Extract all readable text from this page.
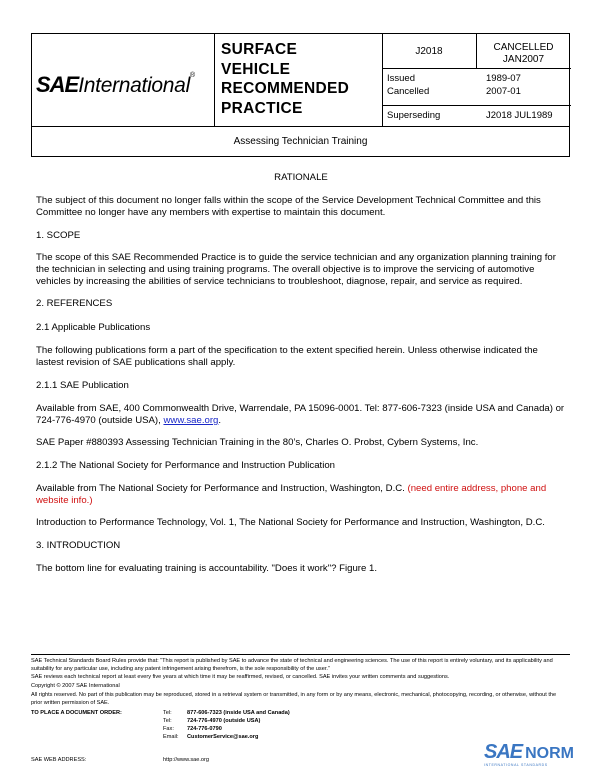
SAEInternational®
SURFACE
VEHICLE
RECOMMENDED
PRACTICE
J2018	CANCELLED
JAN2007
Issued	1989-07
Cancelled	2007-01
Superseding	J2018 JUL1989
Assessing Technician Training
RATIONALE
The subject of this document no longer falls within the scope of the Service Development Technical Committee and this Committee no longer have any members with expertise to maintain this document.
1. SCOPE
The scope of this SAE Recommended Practice is to guide the service technician and any organization planning training for the technician in selecting and using training programs. The overall objective is to improve the servicing of automotive vehicles by increasing the abilities of service technicians to troubleshoot, diagnose, repair, and service as required.
2. REFERENCES
2.1 Applicable Publications
The following publications form a part of the specification to the extent specified herein. Unless otherwise indicated the lastest revision of SAE publications shall apply.
2.1.1 SAE Publication
Available from SAE, 400 Commonwealth Drive, Warrendale, PA 15096-0001. Tel: 877-606-7323 (inside USA and Canada) or 724-776-4970 (outside USA), www.sae.org.
SAE Paper #880393 Assessing Technician Training in the 80’s, Charles O. Probst, Cybern Systems, Inc.
2.1.2 The National Society for Performance and Instruction Publication
Available from The National Society for Performance and Instruction, Washington, D.C. (need entire address, phone and website info.)
Introduction to Performance Technology, Vol. 1, The National Society for Performance and Instruction, Washington, D.C.
3. INTRODUCTION
The bottom line for evaluating training is accountability. "Does it work"? Figure 1.
SAE Technical Standards Board Rules provide that: “This report is published by SAE to advance the state of technical and engineering sciences. The use of this report is entirely voluntary, and its applicability and suitability for any particular use, including any patent infringement arising therefrom, is the sole responsibility of the user.”
SAE reviews each technical report at least every five years at which time it may be reaffirmed, revised, or cancelled. SAE invites your written comments and suggestions.
Copyright © 2007 SAE International
All rights reserved. No part of this publication may be reproduced, stored in a retrieval system or transmitted, in any form or by any means, electronic, mechanical, photocopying, recording, or otherwise, without the prior written permission of SAE.
TO PLACE A DOCUMENT ORDER:	Tel:	877-606-7323 (inside USA and Canada)
Tel:	724-776-4970 (outside USA)
Fax: 724-776-0790
Email: CustomerService@sae.org
SAE WEB ADDRESS:	http://www.sae.org	SAE NORM
INTERNATIONAL STANDARDS
